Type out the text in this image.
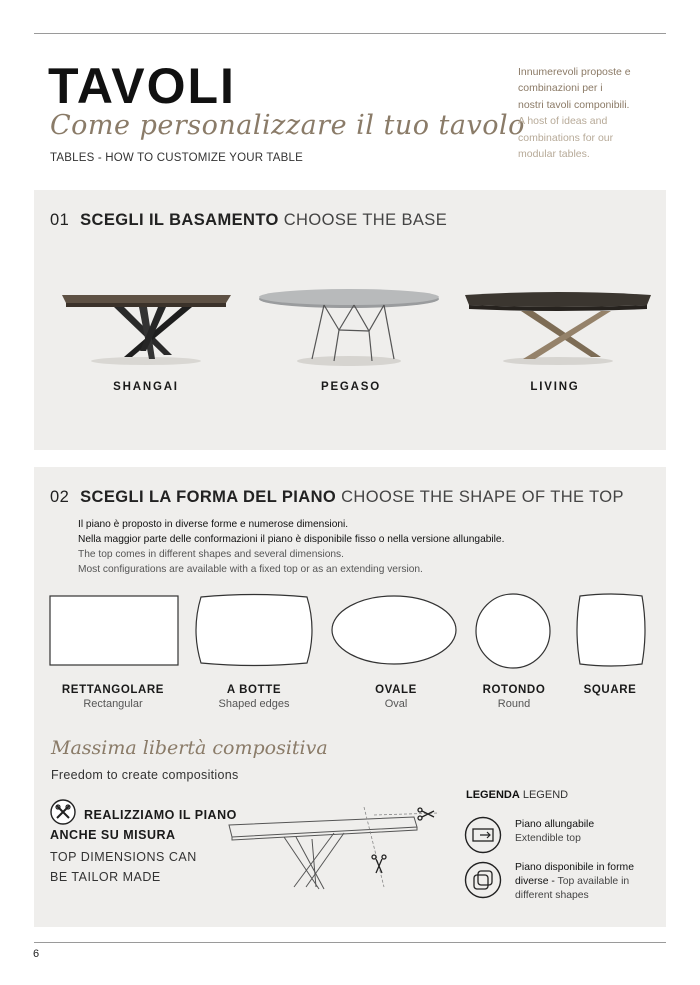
TAVOLI
Come personalizzare il tuo tavolo
TABLES - HOW TO CUSTOMIZE YOUR TABLE
Innumerevoli proposte e
combinazioni per i
nostri tavoli componibili.
A host of ideas and
combinations for our
modular tables.
01 SCEGLI IL BASAMENTO CHOOSE THE BASE
SHANGAI	PEGASO	LIVING
02 SCEGLI LA FORMA DEL PIANO CHOOSE THE SHAPE OF THE TOP
Il piano è proposto in diverse forme e numerose dimensioni.
Nella maggior parte delle conformazioni il piano è disponibile fisso o nella versione allungabile.
The top comes in different shapes and several dimensions.
Most configurations are available with a fixed top or as an extending version.
RETTANGOLARE
Rectangular
A BOTTE
Shaped edges
OVALE
Oval
ROTONDO
Round
SQUARE
Massima libertà compositiva
Freedom to create compositions
REALIZZIAMO IL PIANO
ANCHE SU MISURA
TOP DIMENSIONS CAN
BE TAILOR MADE
LEGENDA LEGEND
Piano allungabile
Extendible top
Piano disponibile in forme diverse - Top available in different shapes
6
